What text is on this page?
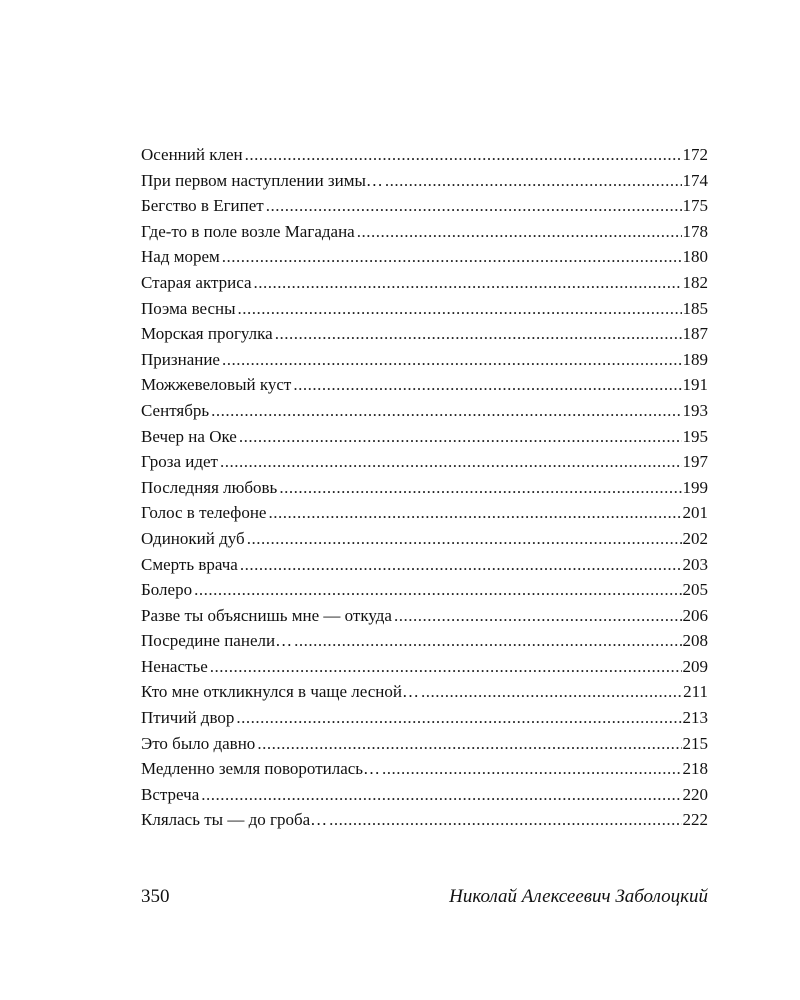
Осенний клен .....	172
При первом наступлении зимы… .....	174
Бегство в Египет .....	175
Где-то в поле возле Магадана .....	178
Над морем .....	180
Старая актриса .....	182
Поэма весны .....	185
Морская прогулка .....	187
Признание .....	189
Можжевеловый куст .....	191
Сентябрь .....	193
Вечер на Оке .....	195
Гроза идет .....	197
Последняя любовь .....	199
Голос в телефоне .....	201
Одинокий дуб .....	202
Смерть врача .....	203
Болеро .....	205
Разве ты объяснишь мне — откуда .....	206
Посредине панели… .....	208
Ненастье .....	209
Кто мне откликнулся в чаще лесной… .....	211
Птичий двор .....	213
Это было давно .....	215
Медленно земля поворотилась… .....	218
Встреча .....	220
Клялась ты — до гроба… .....	222
350	Николай Алексеевич Заболоцкий
